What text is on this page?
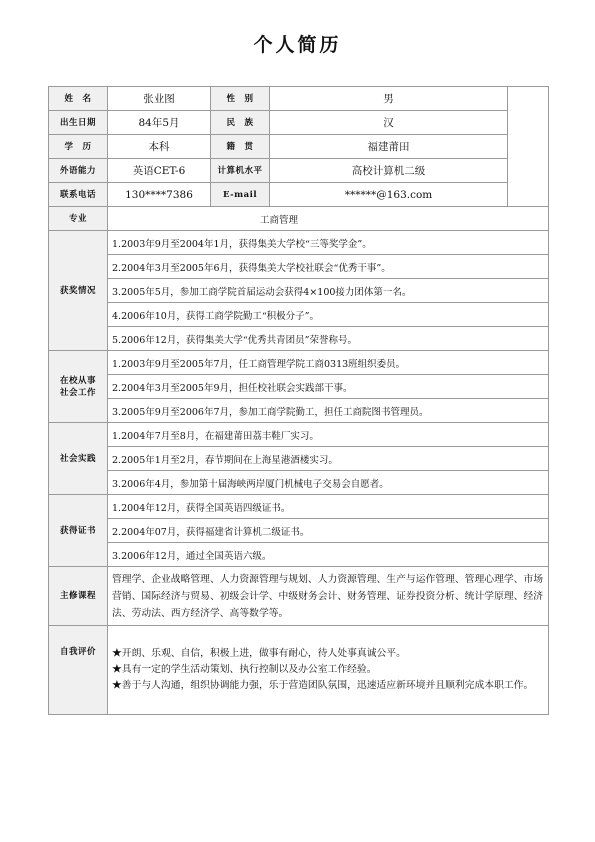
个人简历
姓　名	张业图	性　别	男	
出生日期	84年5月	民　族	汉	
学　历	本科	籍　贯	福建莆田	
外语能力	英语CET-6	计算机水平	高校计算机二级	
联系电话	130****7386	E-mail	******@163.com	
专业	工商管理			
获奖情况	1.2003年9月至2004年1月，获得集美大学校“三等奖学金”。			
	2.2004年3月至2005年6月，获得集美大学校社联会“优秀干事”。			
	3.2005年5月，参加工商学院首届运动会获得4×100接力团体第一名。			
	4.2006年10月，获得工商学院勤工“积极分子”。			
	5.2006年12月，获得集美大学“优秀共青团员”荣誉称号。			
在校从事
社会工作	1.2003年9月至2005年7月，任工商管理学院工商0313班组织委员。			
	2.2004年3月至2005年9月，担任校社联会实践部干事。			
	3.2005年9月至2006年7月，参加工商学院勤工，担任工商院图书管理员。			
社会实践	1.2004年7月至8月，在福建莆田荔丰鞋厂实习。			
	2.2005年1月至2月，春节期间在上海星港酒楼实习。			
	3.2006年4月，参加第十届海峡两岸厦门机械电子交易会自愿者。			
获得证书	1.2004年12月，获得全国英语四级证书。			
	2.2004年07月，获得福建省计算机二级证书。			
	3.2006年12月，通过全国英语六级。			
主修课程	管理学、企业战略管理、人力资源管理与规划、人力资源管理、生产与运作管理、管理心理学、市场营销、国际经济与贸易、初级会计学、中级财务会计、财务管理、证券投资分析、统计学原理、经济法、劳动法、西方经济学、高等数学等。			
自我评价	★开朗、乐观、自信，积极上进，做事有耐心，待人处事真诚公平。
★具有一定的学生活动策划、执行控制以及办公室工作经验。
★善于与人沟通，组织协调能力强，乐于营造团队氛围，迅速适应新环境并且顺利完成本职工作。			
